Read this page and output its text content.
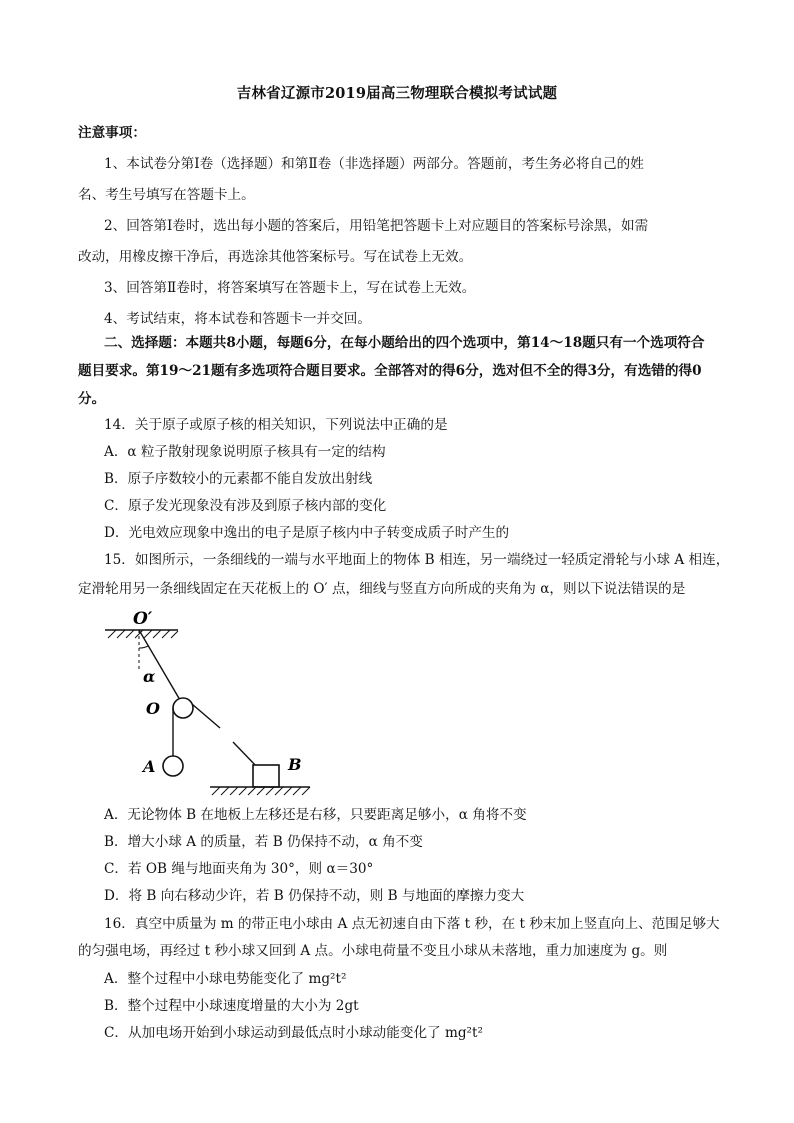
吉林省辽源市2019届高三物理联合模拟考试试题
注意事项：
1、本试卷分第Ⅰ卷（选择题）和第Ⅱ卷（非选择题）两部分。答题前，考生务必将自己的姓
名、考生号填写在答题卡上。
2、回答第Ⅰ卷时，选出每小题的答案后，用铅笔把答题卡上对应题目的答案标号涂黑，如需
改动，用橡皮擦干净后，再选涂其他答案标号。写在试卷上无效。
3、回答第Ⅱ卷时，将答案填写在答题卡上，写在试卷上无效。
4、考试结束，将本试卷和答题卡一并交回。
二、选择题：本题共8小题，每题6分，在每小题给出的四个选项中，第14～18题只有一个选项符合
题目要求。第19～21题有多选项符合题目要求。全部答对的得6分，选对但不全的得3分，有选错的得0
分。
14．关于原子或原子核的相关知识，下列说法中正确的是
A．α 粒子散射现象说明原子核具有一定的结构
B．原子序数较小的元素都不能自发放出射线
C．原子发光现象没有涉及到原子核内部的变化
D．光电效应现象中逸出的电子是原子核内中子转变成质子时产生的
15．如图所示，一条细线的一端与水平地面上的物体 B 相连，另一端绕过一轻质定滑轮与小球 A 相连，
定滑轮用另一条细线固定在天花板上的 O′ 点，细线与竖直方向所成的夹角为 α，则以下说法错误的是
O′
α
O
A	B
A．无论物体 B 在地板上左移还是右移，只要距离足够小，α 角将不变
B．增大小球 A 的质量，若 B 仍保持不动，α 角不变
C．若 OB 绳与地面夹角为 30°，则 α＝30°
D．将 B 向右移动少许，若 B 仍保持不动，则 B 与地面的摩擦力变大
16．真空中质量为 m 的带正电小球由 A 点无初速自由下落 t 秒，在 t 秒末加上竖直向上、范围足够大
的匀强电场，再经过 t 秒小球又回到 A 点。小球电荷量不变且小球从未落地，重力加速度为 g。则
A．整个过程中小球电势能变化了 mg²t²
B．整个过程中小球速度增量的大小为 2gt
C．从加电场开始到小球运动到最低点时小球动能变化了 mg²t²
